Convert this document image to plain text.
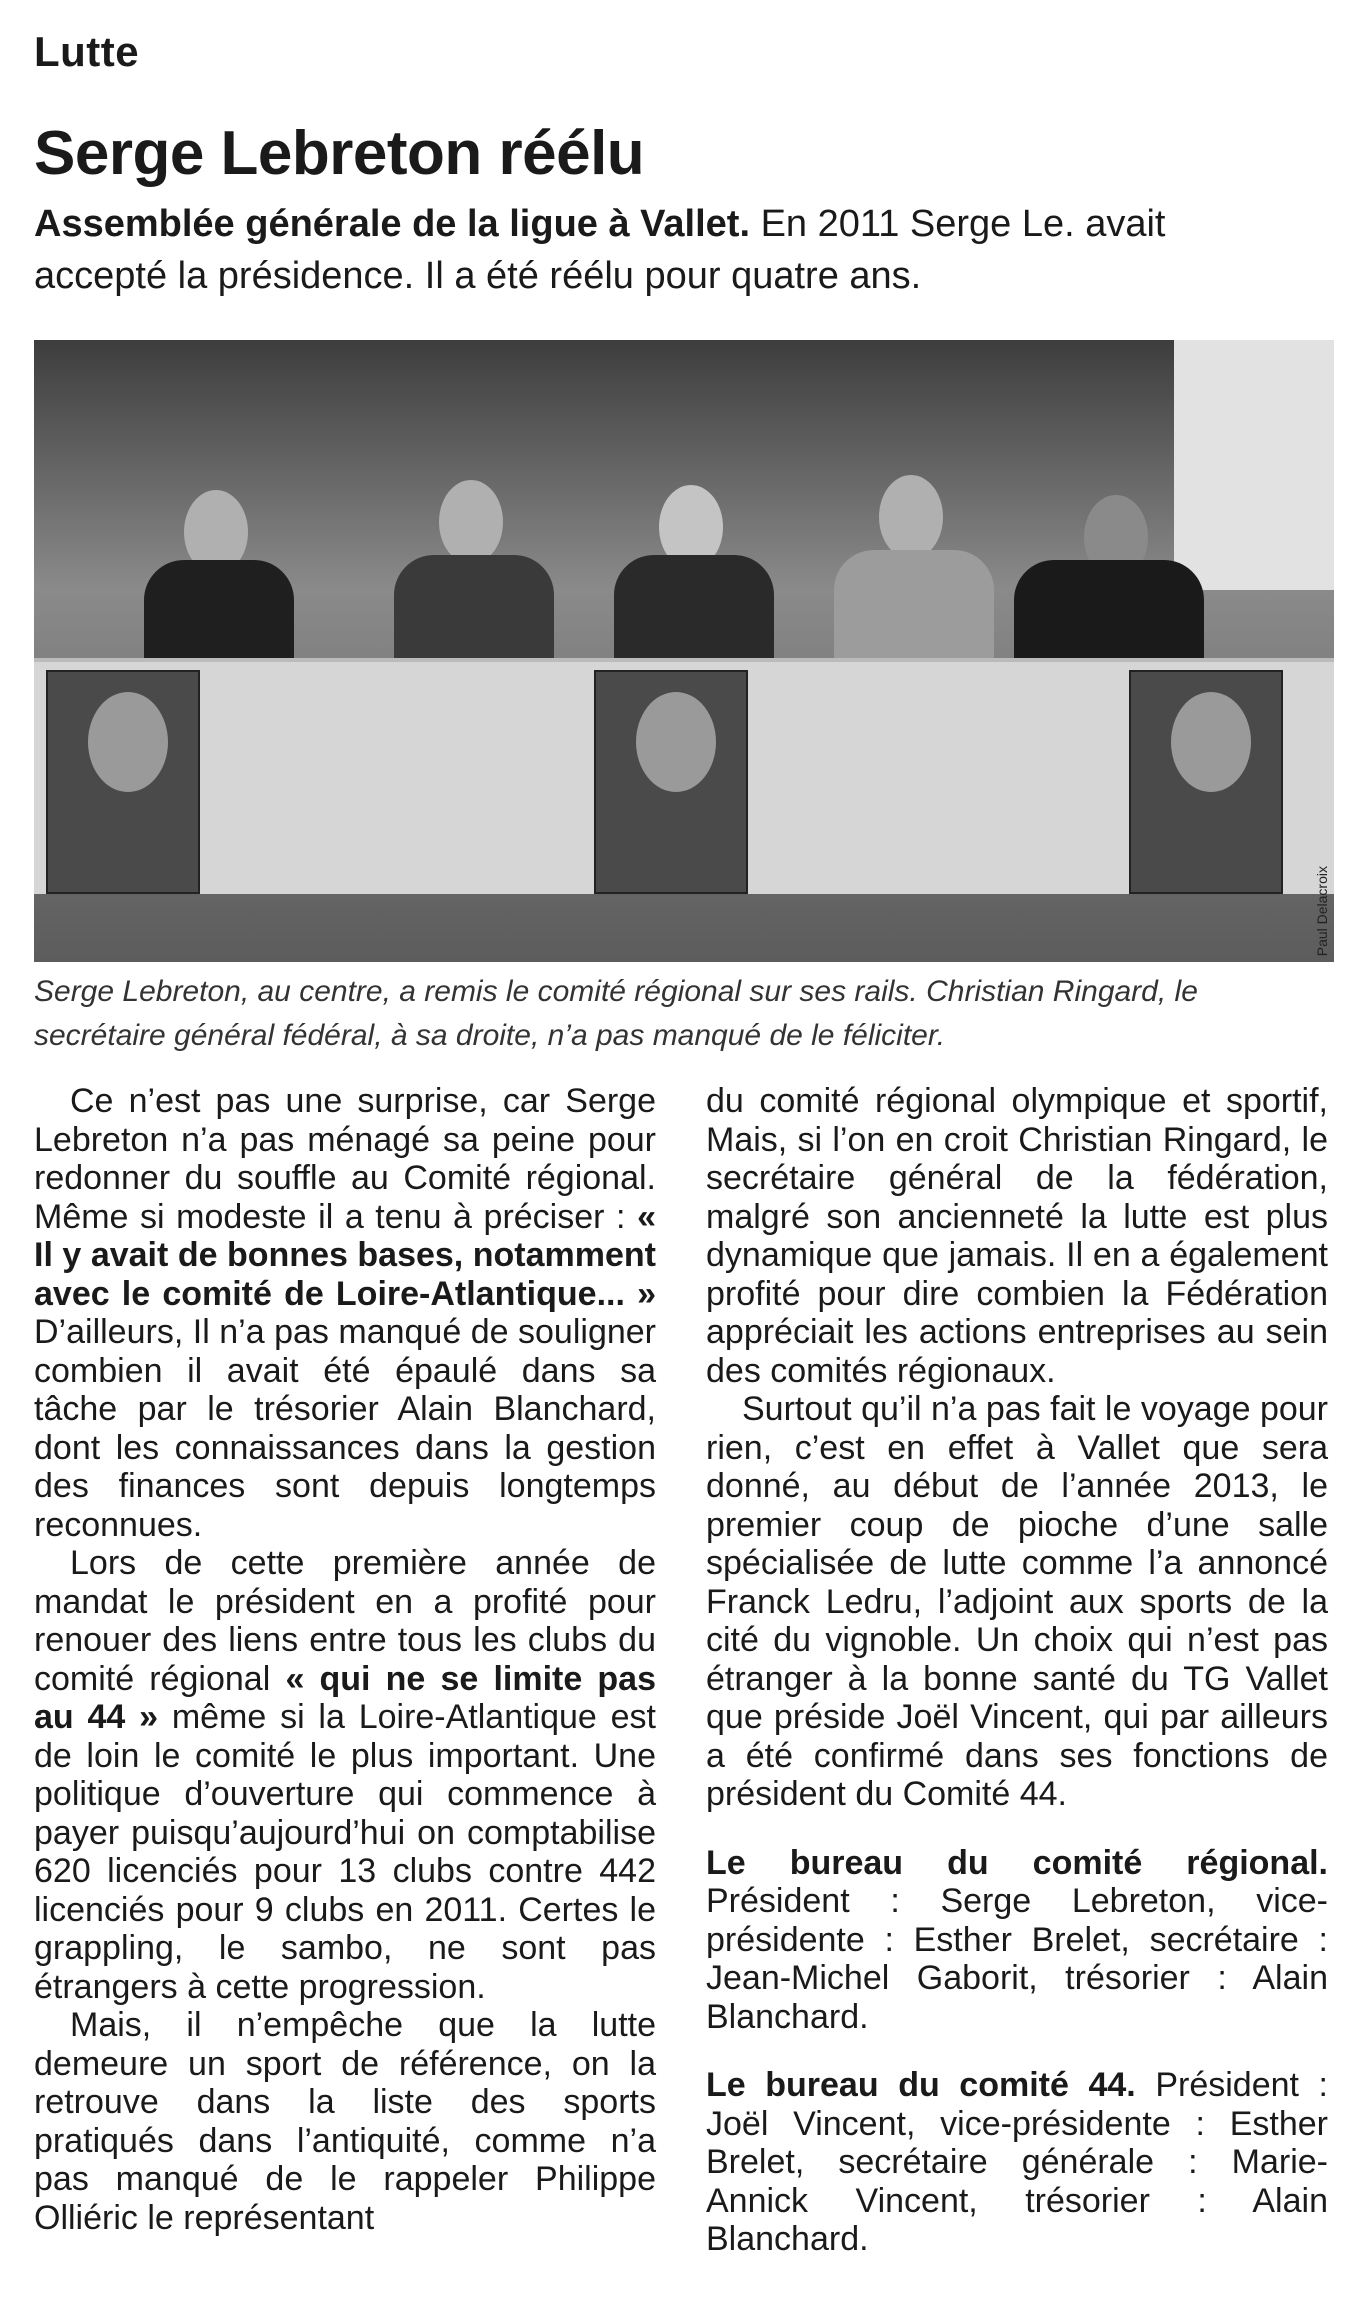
Lutte
Serge Lebreton réélu
Assemblée générale de la ligue à Vallet. En 2011 Serge Le. avait accepté la présidence. Il a été réélu pour quatre ans.
Paul Delacroix
Serge Lebreton, au centre, a remis le comité régional sur ses rails. Christian Ringard, le secrétaire général fédéral, à sa droite, n’a pas manqué de le féliciter.

Ce n’est pas une surprise, car Serge Lebreton n’a pas ménagé sa peine pour redonner du souffle au Comité régional. Même si modeste il a tenu à préciser : « Il y avait de bonnes bases, notamment avec le comité de Loire-Atlantique... » D’ailleurs, Il n’a pas manqué de souligner combien il avait été épaulé dans sa tâche par le trésorier Alain Blanchard, dont les connaissances dans la gestion des finances sont depuis longtemps reconnues.

Lors de cette première année de mandat le président en a profité pour renouer des liens entre tous les clubs du comité régional « qui ne se limite pas au 44 » même si la Loire-Atlantique est de loin le comité le plus important. Une politique d’ouverture qui commence à payer puisqu’aujourd’hui on comptabilise 620 licenciés pour 13 clubs contre 442 licenciés pour 9 clubs en 2011. Certes le grappling, le sambo, ne sont pas étrangers à cette progression.

Mais, il n’empêche que la lutte demeure un sport de référence, on la retrouve dans la liste des sports pratiqués dans l’antiquité, comme n’a pas manqué de le rappeler Philippe Olliéric le représentant

du comité régional olympique et sportif, Mais, si l’on en croit Christian Ringard, le secrétaire général de la fédération, malgré son ancienneté la lutte est plus dynamique que jamais. Il en a également profité pour dire combien la Fédération appréciait les actions entreprises au sein des comités régionaux.

Surtout qu’il n’a pas fait le voyage pour rien, c’est en effet à Vallet que sera donné, au début de l’année 2013, le premier coup de pioche d’une salle spécialisée de lutte comme l’a annoncé Franck Ledru, l’adjoint aux sports de la cité du vignoble. Un choix qui n’est pas étranger à la bonne santé du TG Vallet que préside Joël Vincent, qui par ailleurs a été confirmé dans ses fonctions de président du Comité 44.

Le bureau du comité régional. Président : Serge Lebreton, vice-présidente : Esther Brelet, secrétaire : Jean-Michel Gaborit, trésorier : Alain Blanchard.

Le bureau du comité 44. Président : Joël Vincent, vice-présidente : Esther Brelet, secrétaire générale : Marie-Annick Vincent, trésorier : Alain Blanchard.
